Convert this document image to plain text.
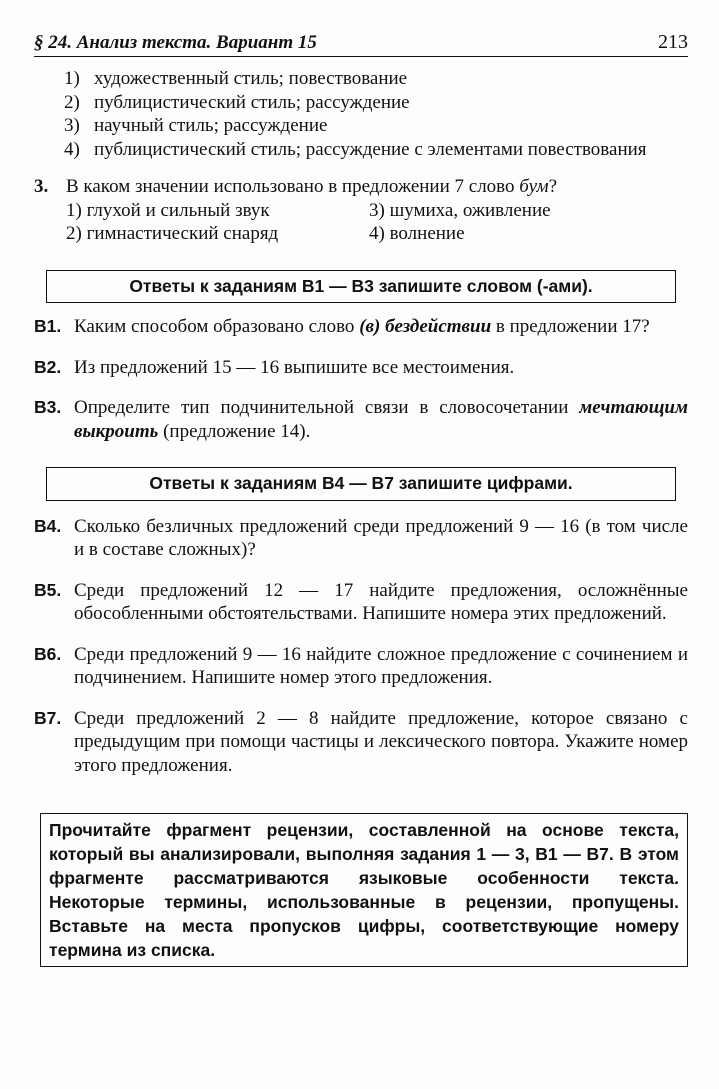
§ 24. Анализ текста. Вариант 15	213
1) художественный стиль; повествование
2) публицистический стиль; рассуждение
3) научный стиль; рассуждение
4) публицистический стиль; рассуждение с элементами повествования
3. В каком значении использовано в предложении 7 слово бум?
1) глухой и сильный звук	3) шумиха, оживление
2) гимнастический снаряд	4) волнение
Ответы к заданиям В1 — В3 запишите словом (-ами).
В1. Каким способом образовано слово (в) бездействии в предложении 17?
В2. Из предложений 15 — 16 выпишите все местоимения.
В3. Определите тип подчинительной связи в словосочетании мечтающим выкроить (предложение 14).
Ответы к заданиям В4 — В7 запишите цифрами.
В4. Сколько безличных предложений среди предложений 9 — 16 (в том числе и в составе сложных)?
В5. Среди предложений 12 — 17 найдите предложения, осложнённые обособленными обстоятельствами. Напишите номера этих предложений.
В6. Среди предложений 9 — 16 найдите сложное предложение с сочинением и подчинением. Напишите номер этого предложения.
В7. Среди предложений 2 — 8 найдите предложение, которое связано с предыдущим при помощи частицы и лексического повтора. Укажите номер этого предложения.
Прочитайте фрагмент рецензии, составленной на основе текста, который вы анализировали, выполняя задания 1 — 3, В1 — В7. В этом фрагменте рассматриваются языковые особенности текста. Некоторые термины, использованные в рецензии, пропущены. Вставьте на места пропусков цифры, соответствующие номеру термина из списка.
